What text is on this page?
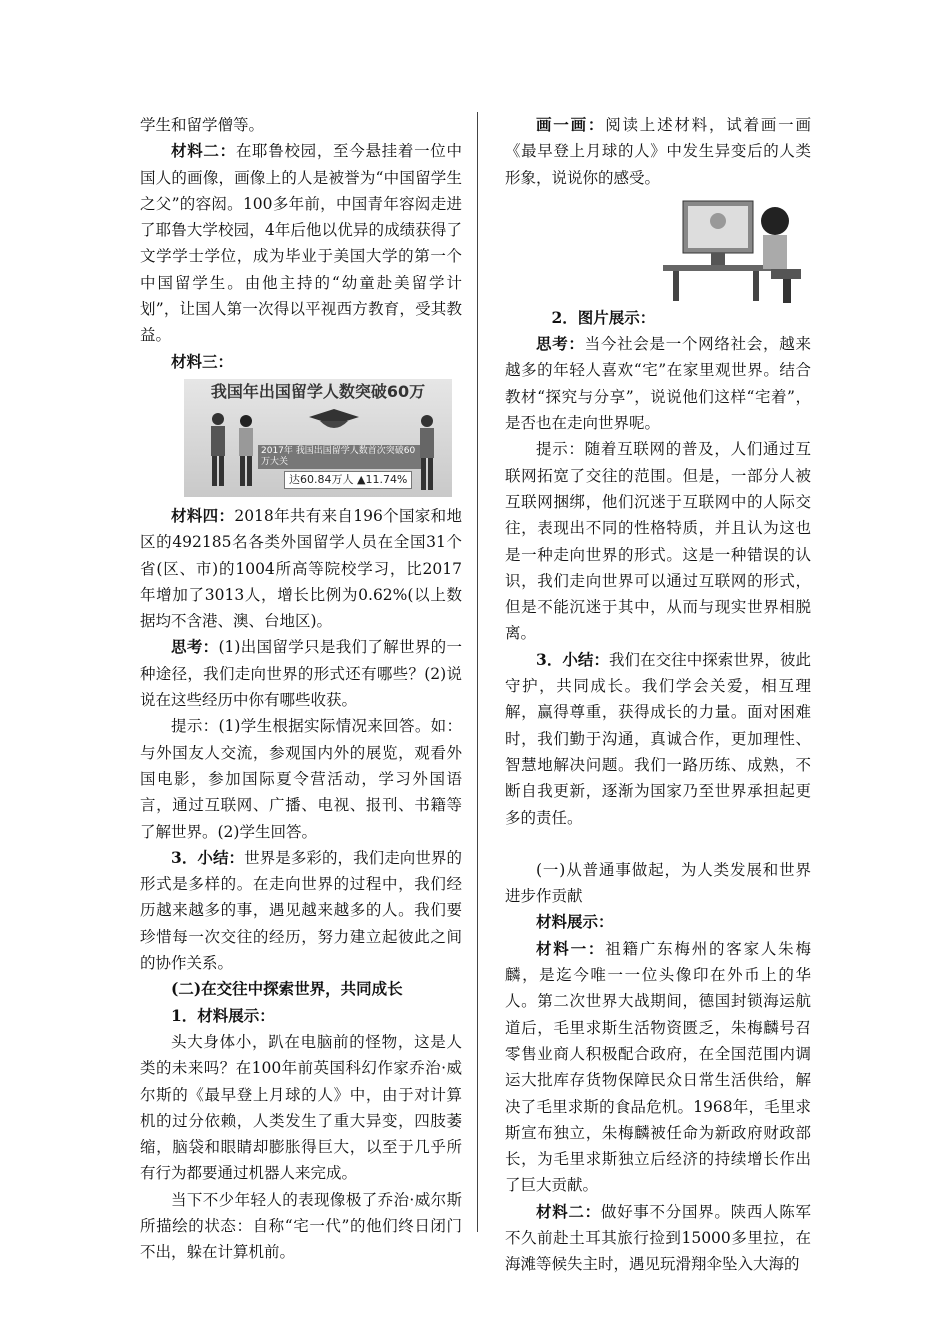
学生和留学僧等。

材料二：在耶鲁校园，至今悬挂着一位中国人的画像，画像上的人是被誉为“中国留学生之父”的容闳。100多年前，中国青年容闳走进了耶鲁大学校园，4年后他以优异的成绩获得了文学学士学位，成为毕业于美国大学的第一个中国留学生。由他主持的“幼童赴美留学计划”，让国人第一次得以平视西方教育，受其教益。

材料三：

我国年出国留学人数突破60万
2017年 我国出国留学人数首次突破60万大关
达60.84万人 ▲11.74%

材料四：2018年共有来自196个国家和地区的492185名各类外国留学人员在全国31个省(区、市)的1004所高等院校学习，比2017年增加了3013人，增长比例为0.62%(以上数据均不含港、澳、台地区)。

思考：(1)出国留学只是我们了解世界的一种途径，我们走向世界的形式还有哪些？(2)说说在这些经历中你有哪些收获。

提示：(1)学生根据实际情况来回答。如：与外国友人交流，参观国内外的展览，观看外国电影，参加国际夏令营活动，学习外国语言，通过互联网、广播、电视、报刊、书籍等了解世界。(2)学生回答。

3．小结：世界是多彩的，我们走向世界的形式是多样的。在走向世界的过程中，我们经历越来越多的事，遇见越来越多的人。我们要珍惜每一次交往的经历，努力建立起彼此之间的协作关系。

(二)在交往中探索世界，共同成长

1．材料展示：

头大身体小，趴在电脑前的怪物，这是人类的未来吗？在100年前英国科幻作家乔治·威尔斯的《最早登上月球的人》中，由于对计算机的过分依赖，人类发生了重大异变，四肢萎缩，脑袋和眼睛却膨胀得巨大，以至于几乎所有行为都要通过机器人来完成。

当下不少年轻人的表现像极了乔治·威尔斯所描绘的状态：自称“宅一代”的他们终日闭门不出，躲在计算机前。

画一画：阅读上述材料，试着画一画《最早登上月球的人》中发生异变后的人类形象，说说你的感受。

2．图片展示：

思考：当今社会是一个网络社会，越来越多的年轻人喜欢“宅”在家里观世界。结合教材“探究与分享”，说说他们这样“宅着”，是否也在走向世界呢。

提示：随着互联网的普及，人们通过互联网拓宽了交往的范围。但是，一部分人被互联网捆绑，他们沉迷于互联网中的人际交往，表现出不同的性格特质，并且认为这也是一种走向世界的形式。这是一种错误的认识，我们走向世界可以通过互联网的形式，但是不能沉迷于其中，从而与现实世界相脱离。

3．小结：我们在交往中探索世界，彼此守护，共同成长。我们学会关爱，相互理解，赢得尊重，获得成长的力量。面对困难时，我们勤于沟通，真诚合作，更加理性、智慧地解决问题。我们一路历练、成熟，不断自我更新，逐渐为国家乃至世界承担起更多的责任。

(一)从普通事做起，为人类发展和世界进步作贡献

材料展示：

材料一：祖籍广东梅州的客家人朱梅麟，是迄今唯一一位头像印在外币上的华人。第二次世界大战期间，德国封锁海运航道后，毛里求斯生活物资匮乏，朱梅麟号召零售业商人积极配合政府，在全国范围内调运大批库存货物保障民众日常生活供给，解决了毛里求斯的食品危机。1968年，毛里求斯宣布独立，朱梅麟被任命为新政府财政部长，为毛里求斯独立后经济的持续增长作出了巨大贡献。

材料二：做好事不分国界。陕西人陈军不久前赴土耳其旅行捡到15000多里拉，在海滩等候失主时，遇见玩滑翔伞坠入大海的
